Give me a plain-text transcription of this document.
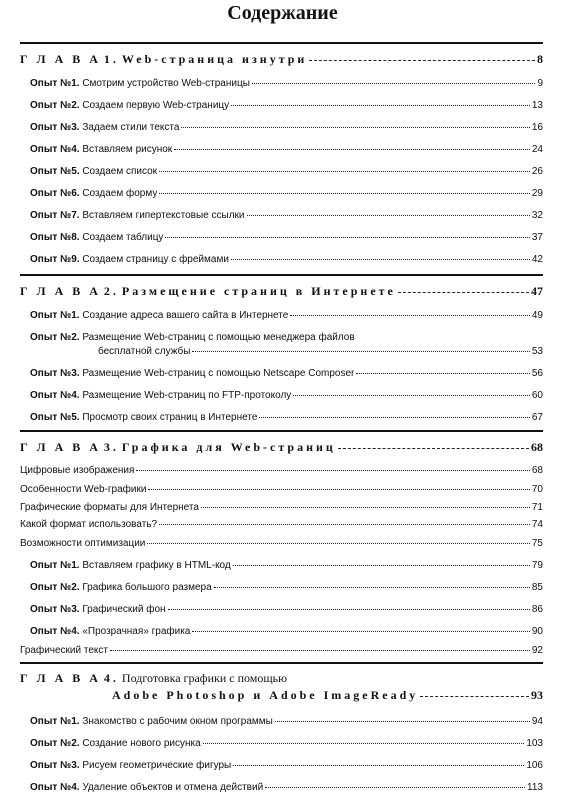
Содержание
Г Л А В А 1. Web-страница изнутри	8
Опыт №1. Смотрим устройство Web-страницы	9
Опыт №2. Создаем первую Web-страницу	13
Опыт №3. Задаем стили текста	16
Опыт №4. Вставляем рисунок	24
Опыт №5. Создаем список	26
Опыт №6. Создаем форму	29
Опыт №7. Вставляем гипертекстовые ссылки	32
Опыт №8. Создаем таблицу	37
Опыт №9. Создаем страницу с фреймами	42
Г Л А В А 2. Размещение страниц в Интернете	47
Опыт №1. Создание адреса вашего сайта в Интернете	49
Опыт №2. Размещение Web-страниц с помощью менеджера файлов
бесплатной службы	53
Опыт №3. Размещение Web-страниц с помощью Netscape Composer	56
Опыт №4. Размещение Web-страниц по FTP-протоколу	60
Опыт №5. Просмотр своих страниц в Интернете	67
Г Л А В А 3. Графика для Web-страниц	68
Цифровые изображения	68
Особенности Web-графики	70
Графические форматы для Интернета	71
Какой формат использовать?	74
Возможности оптимизации	75
Опыт №1. Вставляем графику в HTML-код	79
Опыт №2. Графика большого размера	85
Опыт №3. Графический фон	86
Опыт №4. «Прозрачная» графика	90
Графический текст	92
Г Л А В А 4. Подготовка графики с помощью
Adobe Photoshop и Adobe ImageReady	93
Опыт №1. Знакомство с рабочим окном программы	94
Опыт №2. Создание нового рисунка	103
Опыт №3. Рисуем геометрические фигуры	106
Опыт №4. Удаление объектов и отмена действий	113
